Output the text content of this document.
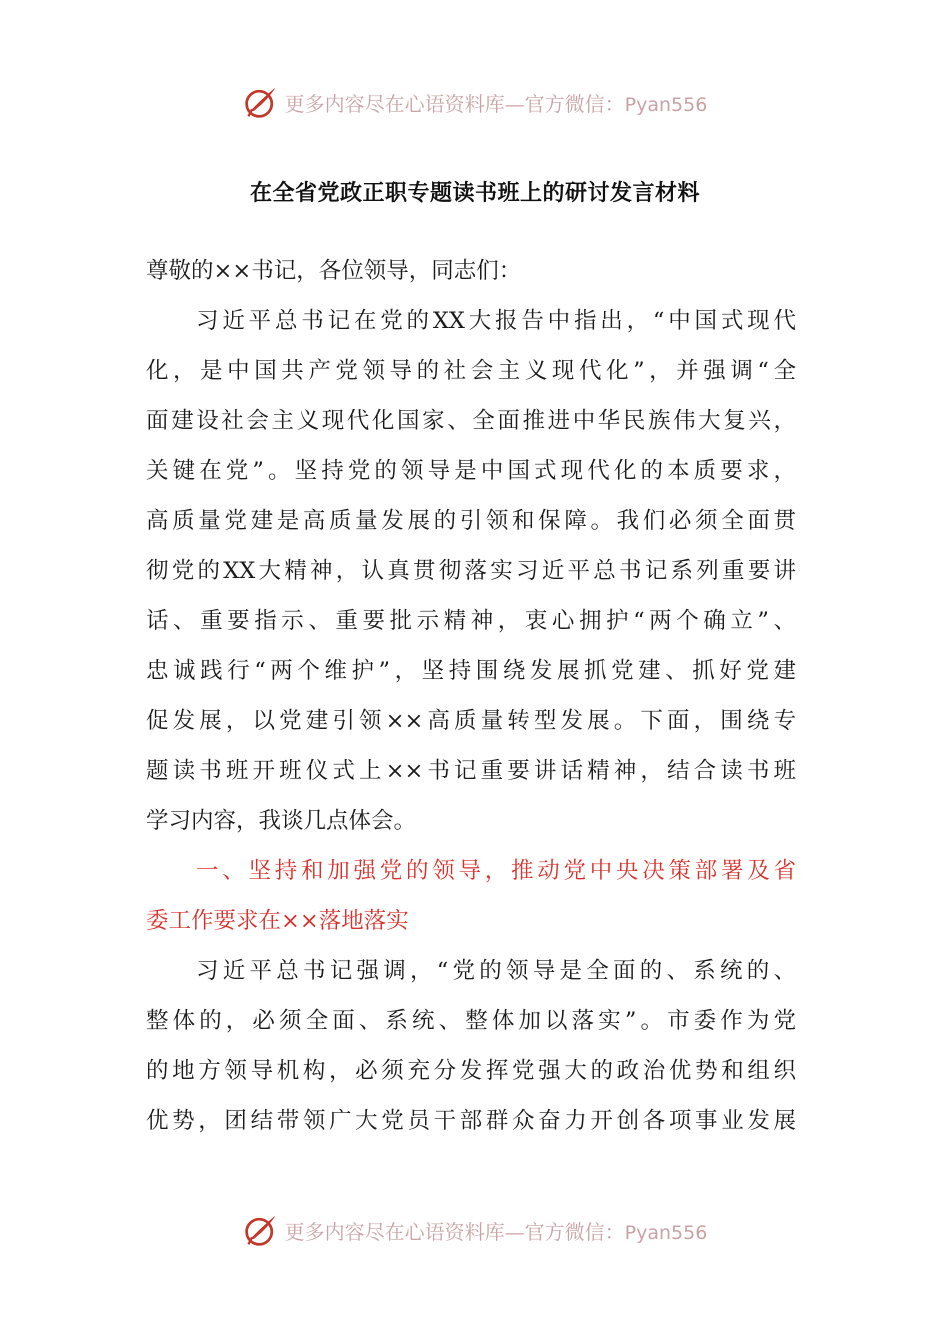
更多内容尽在心语资料库—官方微信：Pyan556
在全省党政正职专题读书班上的研讨发言材料
尊敬的××书记，各位领导，同志们：
习近平总书记在党的XX大报告中指出，“中国式现代
化，是中国共产党领导的社会主义现代化”，并强调“全
面建设社会主义现代化国家、全面推进中华民族伟大复兴，
关键在党”。坚持党的领导是中国式现代化的本质要求，
高质量党建是高质量发展的引领和保障。我们必须全面贯
彻党的XX大精神，认真贯彻落实习近平总书记系列重要讲
话、重要指示、重要批示精神，衷心拥护“两个确立”、
忠诚践行“两个维护”，坚持围绕发展抓党建、抓好党建
促发展，以党建引领××高质量转型发展。下面，围绕专
题读书班开班仪式上××书记重要讲话精神，结合读书班
学习内容，我谈几点体会。
一、坚持和加强党的领导，推动党中央决策部署及省
委工作要求在××落地落实
习近平总书记强调，“党的领导是全面的、系统的、
整体的，必须全面、系统、整体加以落实”。市委作为党
的地方领导机构，必须充分发挥党强大的政治优势和组织
优势，团结带领广大党员干部群众奋力开创各项事业发展
更多内容尽在心语资料库—官方微信：Pyan556
